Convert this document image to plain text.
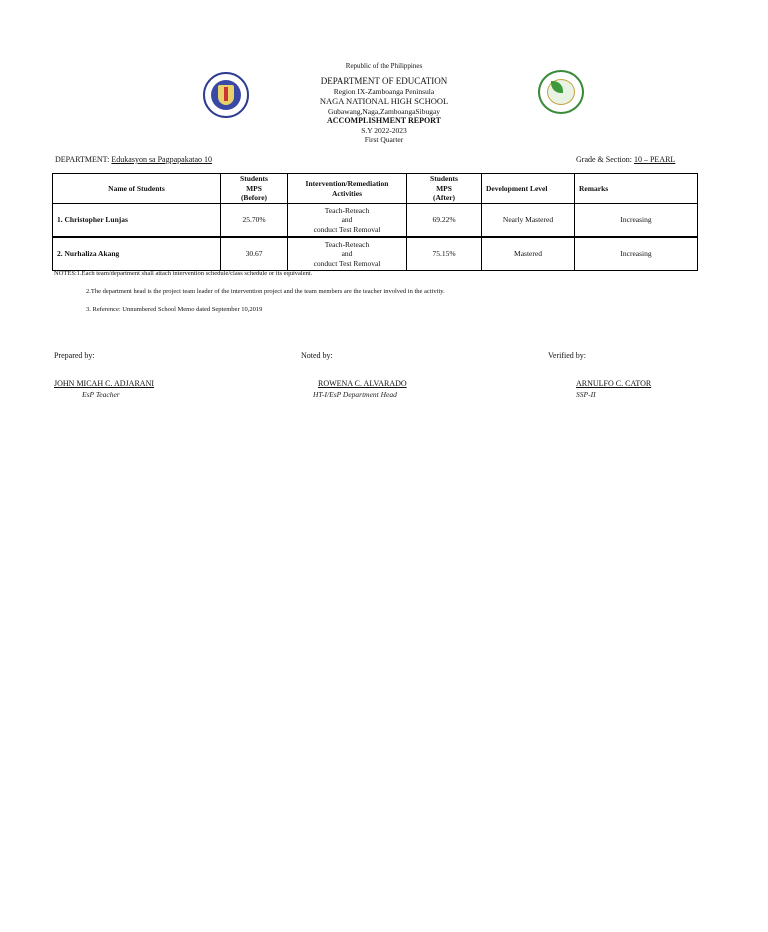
Republic of the Philippines
DEPARTMENT OF EDUCATION
Region IX-Zamboanga Peninsula
NAGA NATIONAL HIGH SCHOOL
Gubawang,Naga,ZamboangaSibugay
ACCOMPLISHMENT REPORT
S.Y 2022-2023
First Quarter
DEPARTMENT: Edukasyon sa Pagpapakatao 10	Grade & Section: 10 – PEARL
Name of Students	Students
MPS
(Before)	Intervention/Remediation
Activities	Students
MPS
(After)	Development Level	Remarks
1. Christopher Lunjas	25.70%	Teach-Reteach
and
conduct Test Removal	69.22%	Nearly Mastered	Increasing
2. Nurhaliza Akang	30.67	Teach-Reteach
and
conduct Test Removal	75.15%	Mastered	Increasing
NOTES:1.Each team/department shall attach intervention schedule/class schedule or its equivalent.
2.The department head is the project team leader of the intervention project and the team members are the teacher involved in the activity.
3. Reference: Unnumbered School Memo dated September 10,2019
Prepared by:	Noted by:	Verified by:
JOHN MICAH C. ADJARANI	ROWENA C. ALVARADO	ARNULFO C. CATOR
EsP Teacher	HT-I/EsP Department Head	SSP-II
